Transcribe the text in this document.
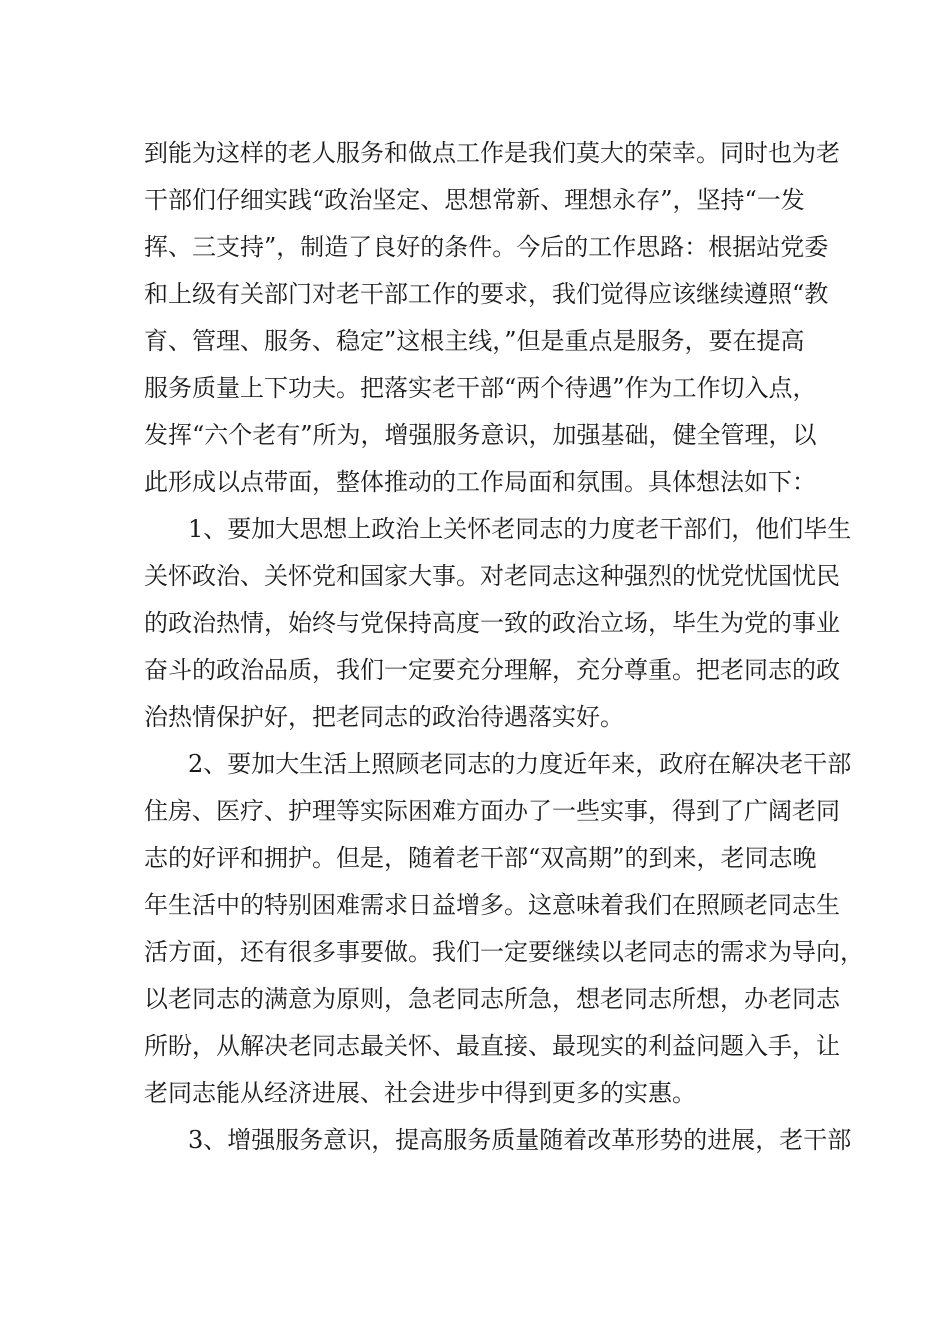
到能为这样的老人服务和做点工作是我们莫大的荣幸。同时也为老
干部们仔细实践“政治坚定、思想常新、理想永存”，坚持“一发
挥、三支持”，制造了良好的条件。今后的工作思路：根据站党委
和上级有关部门对老干部工作的要求，我们觉得应该继续遵照“教
育、管理、服务、稳定”这根主线，”但是重点是服务，要在提高
服务质量上下功夫。把落实老干部“两个待遇”作为工作切入点，
发挥“六个老有”所为，增强服务意识，加强基础，健全管理，以
此形成以点带面，整体推动的工作局面和氛围。具体想法如下：
1、要加大思想上政治上关怀老同志的力度老干部们，他们毕生
关怀政治、关怀党和国家大事。对老同志这种强烈的忧党忧国忧民
的政治热情，始终与党保持高度一致的政治立场，毕生为党的事业
奋斗的政治品质，我们一定要充分理解，充分尊重。把老同志的政
治热情保护好，把老同志的政治待遇落实好。
2、要加大生活上照顾老同志的力度近年来，政府在解决老干部
住房、医疗、护理等实际困难方面办了一些实事，得到了广阔老同
志的好评和拥护。但是，随着老干部“双高期”的到来，老同志晚
年生活中的特别困难需求日益增多。这意味着我们在照顾老同志生
活方面，还有很多事要做。我们一定要继续以老同志的需求为导向，
以老同志的满意为原则，急老同志所急，想老同志所想，办老同志
所盼，从解决老同志最关怀、最直接、最现实的利益问题入手，让
老同志能从经济进展、社会进步中得到更多的实惠。
3、增强服务意识，提高服务质量随着改革形势的进展，老干部
